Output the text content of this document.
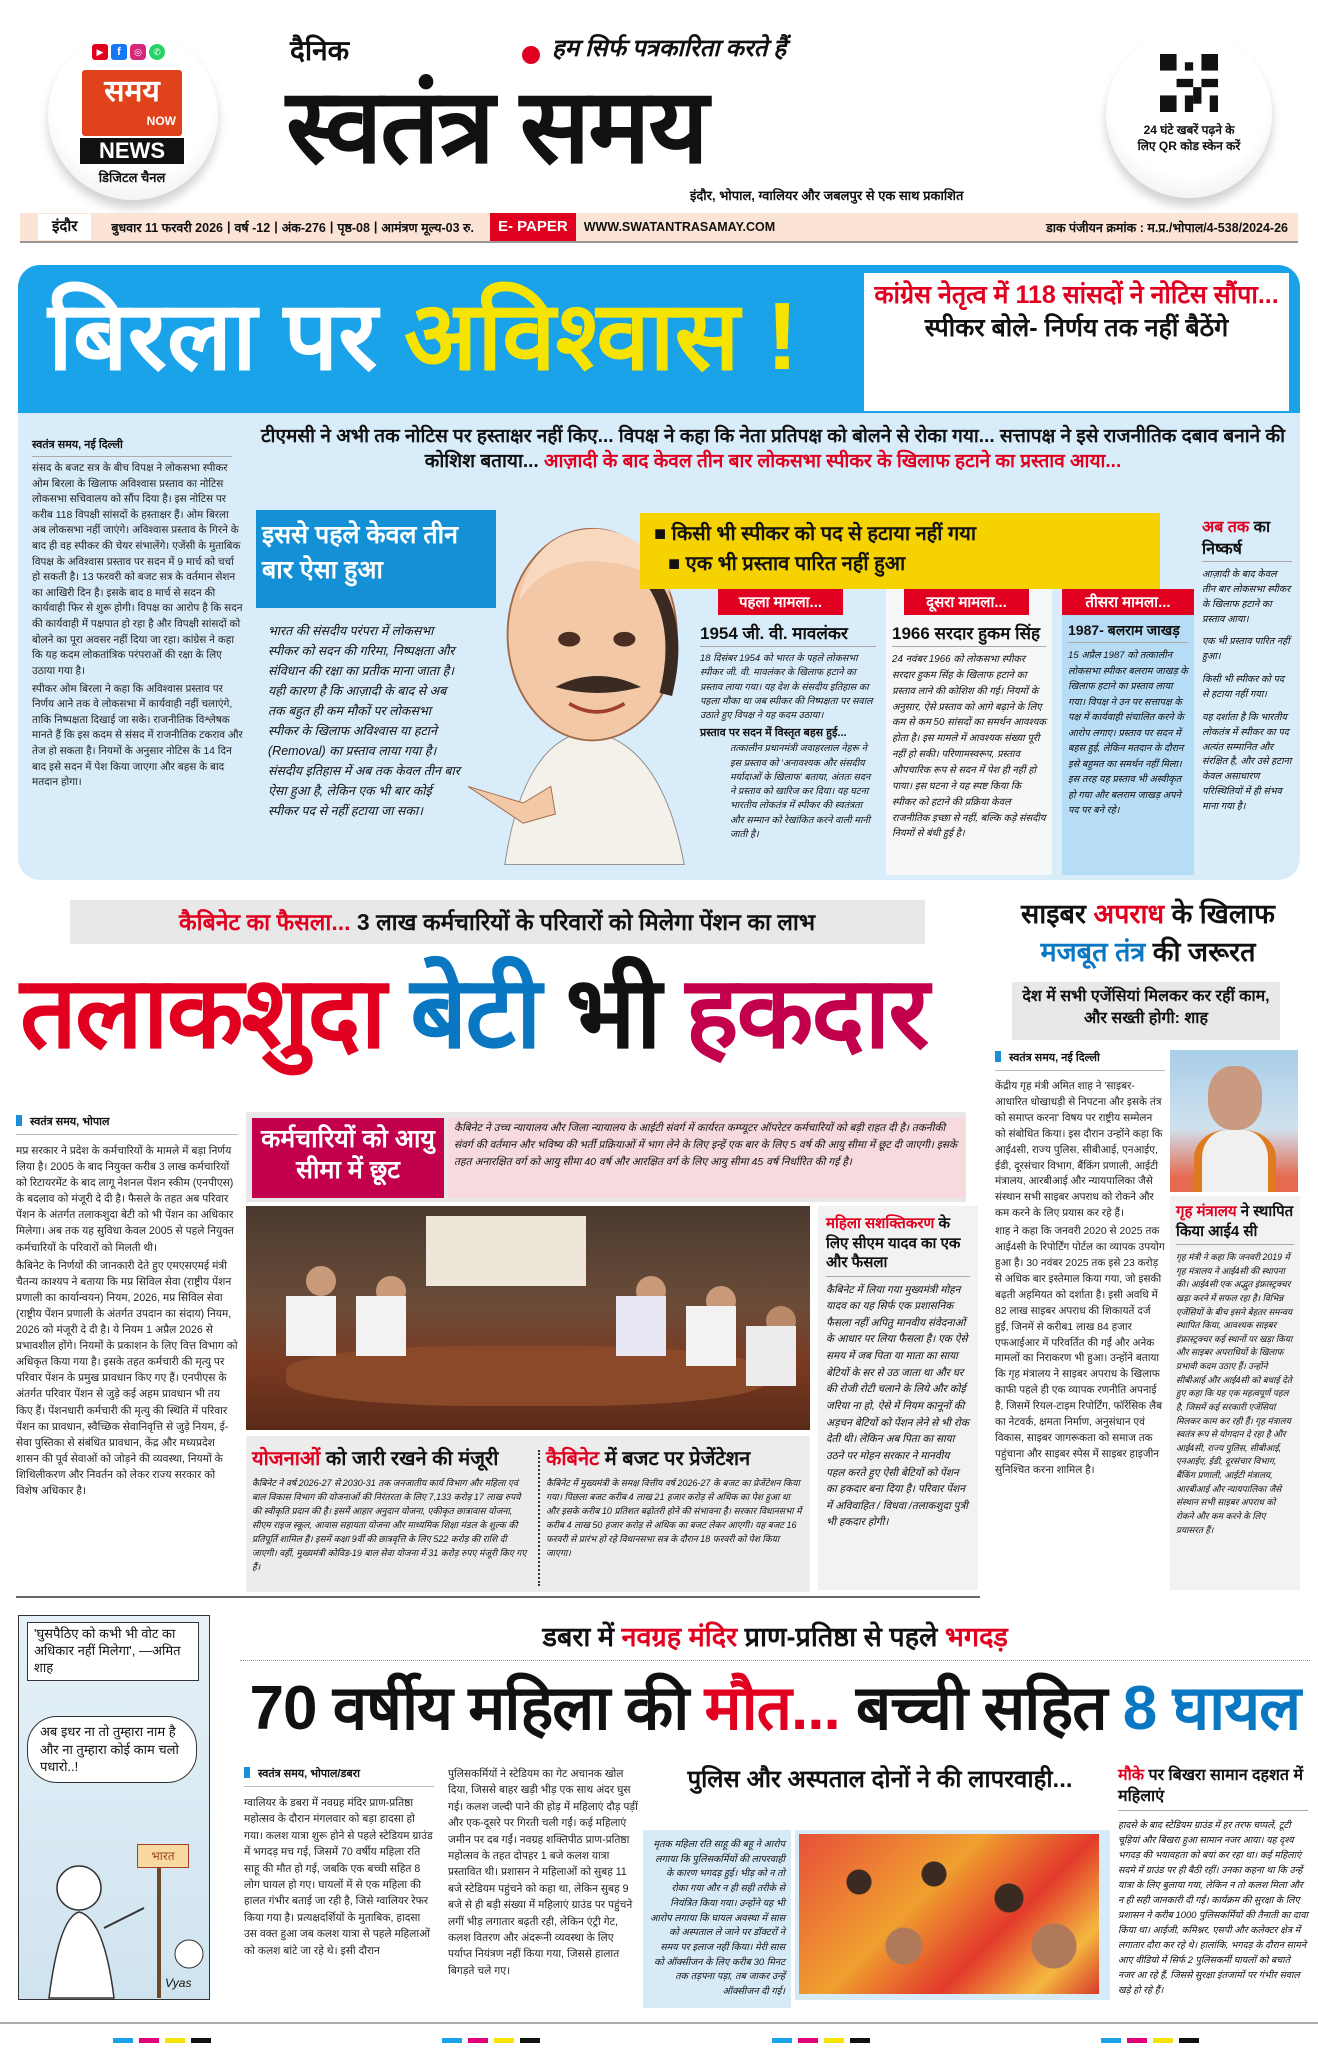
▶	f	◎	✆
समय
NOW
NEWS
डिजिटल चैनल
दैनिक	हम सिर्फ पत्रकारिता करते हैं
स्वतंत्र समय
इंदौर, भोपाल, ग्वालियर और जबलपुर से एक साथ प्रकाशित
24 घंटे खबरें पढ़ने के लिए QR कोड स्केन करें
इंदौर	बुधवार 11 फरवरी 2026 | वर्ष -12 | अंक-276 | पृष्ठ-08 | आमंत्रण मूल्य-03 रु.	E- PAPER	WWW.SWATANTRASAMAY.COM	डाक पंजीयन क्रमांक : म.प्र./भोपाल/4-538/2024-26
बिरला पर अविश्वास !	कांग्रेस नेतृत्व में 118 सांसदों ने नोटिस सौंपा... स्पीकर बोले- निर्णय तक नहीं बैठेंगे
स्वतंत्र समय, नई दिल्ली

संसद के बजट सत्र के बीच विपक्ष ने लोकसभा स्पीकर ओम बिरला के खिलाफ अविश्वास प्रस्ताव का नोटिस लोकसभा सचिवालय को सौंप दिया है। इस नोटिस पर करीब 118 विपक्षी सांसदों के हस्ताक्षर हैं। ओम बिरला अब लोकसभा नहीं जाएंगे। अविश्वास प्रस्ताव के गिरने के बाद ही वह स्पीकर की चेयर संभालेंगे। एजेंसी के मुताबिक विपक्ष के अविश्वास प्रस्ताव पर सदन में 9 मार्च को चर्चा हो सकती है। 13 फरवरी को बजट सत्र के वर्तमान सेशन का आखिरी दिन है। इसके बाद 8 मार्च से सदन की कार्यवाही फिर से शुरू होगी। विपक्ष का आरोप है कि सदन की कार्यवाही में पक्षपात हो रहा है और विपक्षी सांसदों को बोलने का पूरा अवसर नहीं दिया जा रहा। कांग्रेस ने कहा कि यह कदम लोकतांत्रिक परंपराओं की रक्षा के लिए उठाया गया है।

स्पीकर ओम बिरला ने कहा कि अविश्वास प्रस्ताव पर निर्णय आने तक वे लोकसभा में कार्यवाही नहीं चलाएंगे, ताकि निष्पक्षता दिखाई जा सके। राजनीतिक विश्लेषक मानते हैं कि इस कदम से संसद में राजनीतिक टकराव और तेज हो सकता है। नियमों के अनुसार नोटिस के 14 दिन बाद इसे सदन में पेश किया जाएगा और बहस के बाद मतदान होगा।

टीएमसी ने अभी तक नोटिस पर हस्ताक्षर नहीं किए... विपक्ष ने कहा कि नेता प्रतिपक्ष को बोलने से रोका गया... सत्तापक्ष ने इसे राजनीतिक दबाव बनाने की कोशिश बताया... आज़ादी के बाद केवल तीन बार लोकसभा स्पीकर के खिलाफ हटाने का प्रस्ताव आया...
इससे पहले केवल तीन बार ऐसा हुआ
भारत की संसदीय परंपरा में लोकसभा स्पीकर को सदन की गरिमा, निष्पक्षता और संविधान की रक्षा का प्रतीक माना जाता है। यही कारण है कि आज़ादी के बाद से अब तक बहुत ही कम मौकों पर लोकसभा स्पीकर के खिलाफ अविश्वास या हटाने (Removal) का प्रस्ताव लाया गया है। संसदीय इतिहास में अब तक केवल तीन बार ऐसा हुआ है, लेकिन एक भी बार कोई स्पीकर पद से नहीं हटाया जा सका।
■ किसी भी स्पीकर को पद से हटाया नहीं गया
■ एक भी प्रस्ताव पारित नहीं हुआ
पहला मामला...
1954 जी. वी. मावलंकर
18 दिसंबर 1954 को भारत के पहले लोकसभा स्पीकर जी. वी. मावलंकर के खिलाफ हटाने का प्रस्ताव लाया गया। यह देश के संसदीय इतिहास का पहला मौका था जब स्पीकर की निष्पक्षता पर सवाल उठाते हुए विपक्ष ने यह कदम उठाया।
प्रस्ताव पर सदन में विस्तृत बहस हुई...
तत्कालीन प्रधानमंत्री जवाहरलाल नेहरू ने इस प्रस्ताव को 'अनावश्यक और संसदीय मर्यादाओं के खिलाफ' बताया, अंततः सदन ने प्रस्ताव को खारिज कर दिया। यह घटना भारतीय लोकतंत्र में स्पीकर की स्वतंत्रता और सम्मान को रेखांकित करने वाली मानी जाती है।
दूसरा मामला...
1966 सरदार हुकम सिंह
24 नवंबर 1966 को लोकसभा स्पीकर सरदार हुकम सिंह के खिलाफ हटाने का प्रस्ताव लाने की कोशिश की गई। नियमों के अनुसार, ऐसे प्रस्ताव को आगे बढ़ाने के लिए कम से कम 50 सांसदों का समर्थन आवश्यक होता है। इस मामले में आवश्यक संख्या पूरी नहीं हो सकी। परिणामस्वरूप, प्रस्ताव औपचारिक रूप से सदन में पेश ही नहीं हो पाया। इस घटना ने यह स्पष्ट किया कि स्पीकर को हटाने की प्रक्रिया केवल राजनीतिक इच्छा से नहीं, बल्कि कड़े संसदीय नियमों से बंधी हुई है।
तीसरा मामला...
1987- बलराम जाखड़
15 अप्रैल 1987 को तत्कालीन लोकसभा स्पीकर बलराम जाखड़ के खिलाफ हटाने का प्रस्ताव लाया गया। विपक्ष ने उन पर सत्तापक्ष के पक्ष में कार्यवाही संचालित करने के आरोप लगाए। प्रस्ताव पर सदन में बहस हुई, लेकिन मतदान के दौरान इसे बहुमत का समर्थन नहीं मिला। इस तरह यह प्रस्ताव भी अस्वीकृत हो गया और बलराम जाखड़ अपने पद पर बने रहे।
अब तक का निष्कर्ष
आज़ादी के बाद केवल तीन बार लोकसभा स्पीकर के खिलाफ हटाने का प्रस्ताव आया।
एक भी प्रस्ताव पारित नहीं हुआ।
किसी भी स्पीकर को पद से हटाया नहीं गया।
यह दर्शाता है कि भारतीय लोकतंत्र में स्पीकर का पद अत्यंत सम्मानित और संरक्षित है, और उसे हटाना केवल असाधारण परिस्थितियों में ही संभव माना गया है।
कैबिनेट का फैसला... 3 लाख कर्मचारियों के परिवारों को मिलेगा पेंशन का लाभ
तलाकशुदा बेटी भी हकदार
स्वतंत्र समय, भोपाल

मप्र सरकार ने प्रदेश के कर्मचारियों के मामले में बड़ा निर्णय लिया है। 2005 के बाद नियुक्त करीब 3 लाख कर्मचारियों को रिटायरमेंट के बाद लागू नेशनल पेंशन स्कीम (एनपीएस) के बदलाव को मंजूरी दे दी है। फैसले के तहत अब परिवार पेंशन के अंतर्गत तलाकशुदा बेटी को भी पेंशन का अधिकार मिलेगा। अब तक यह सुविधा केवल 2005 से पहले नियुक्त कर्मचारियों के परिवारों को मिलती थी।

कैबिनेट के निर्णयों की जानकारी देते हुए एमएसएमई मंत्री चैतन्य काश्यप ने बताया कि मप्र सिविल सेवा (राष्ट्रीय पेंशन प्रणाली का कार्यान्वयन) नियम, 2026, मप्र सिविल सेवा (राष्ट्रीय पेंशन प्रणाली के अंतर्गत उपदान का संदाय) नियम, 2026 को मंजूरी दे दी है। ये नियम 1 अप्रैल 2026 से प्रभावशील होंगे। नियमों के प्रकाशन के लिए वित्त विभाग को अधिकृत किया गया है। इसके तहत कर्मचारी की मृत्यु पर परिवार पेंशन के प्रमुख प्रावधान किए गए हैं। एनपीएस के अंतर्गत परिवार पेंशन से जुड़े कई अहम प्रावधान भी तय किए हैं। पेंशनधारी कर्मचारी की मृत्यु की स्थिति में परिवार पेंशन का प्रावधान, स्वैच्छिक सेवानिवृत्ति से जुड़े नियम, ई-सेवा पुस्तिका से संबंधित प्रावधान, केंद्र और मध्यप्रदेश शासन की पूर्व सेवाओं को जोड़ने की व्यवस्था, नियमों के शिथिलीकरण और निवर्तन को लेकर राज्य सरकार को विशेष अधिकार है।

कर्मचारियों को आयु सीमा में छूट
कैबिनेट ने उच्च न्यायालय और जिला न्यायालय के आईटी संवर्ग में कार्यरत कम्प्यूटर ऑपरेटर कर्मचारियों को बड़ी राहत दी है। तकनीकी संवर्ग की वर्तमान और भविष्य की भर्ती प्रक्रियाओं में भाग लेने के लिए इन्हें एक बार के लिए 5 वर्ष की आयु सीमा में छूट दी जाएगी। इसके तहत अनारक्षित वर्ग को आयु सीमा 40 वर्ष और आरक्षित वर्ग के लिए आयु सीमा 45 वर्ष निर्धारित की गई है।
महिला सशक्तिकरण के लिए सीएम यादव का एक और फैसला
कैबिनेट में लिया गया मुख्यमंत्री मोहन यादव का यह सिर्फ एक प्रशासनिक फैसला नहीं अपितु मानवीय संवेदनाओं के आधार पर लिया फैसला है। एक ऐसे समय में जब पिता या माता का साया बेटियों के सर से उठ जाता था और घर की रोजी रोटी चलाने के लिये और कोई जरिया ना हो, ऐसे में नियम कानूनों की अड़चन बेटियों को पेंशन लेने से भी रोक देती थी। लेकिन अब पिता का साया उठने पर मोहन सरकार ने मानवीय पहल करते हुए ऐसी बेटियों को पेंशन का हकदार बना दिया है। परिवार पेंशन में अविवाहित / विधवा /तलाकशुदा पुत्री भी हकदार होगी।
योजनाओं को जारी रखने की मंजूरी
कैबिनेट ने वर्ष 2026-27 से 2030-31 तक जनजातीय कार्य विभाग और महिला एवं बाल विकास विभाग की योजनाओं की निरंतरता के लिए 7,133 करोड़ 17 लाख रुपये की स्वीकृति प्रदान की है। इसमें आहार अनुदान योजना, एकीकृत छात्रावास योजना, सीएम राइज स्कूल, आवास सहायता योजना और माध्यमिक शिक्षा मंडल के शुल्क की प्रतिपूर्ति शामिल है। इसमें कक्षा 9वीं की छात्रवृत्ति के लिए 522 करोड़ की राशि दी जाएगी। वहीं, मुख्यमंत्री कोविड-19 बाल सेवा योजना में 31 करोड़ रुपए मंजूरी किए गए हैं।
कैबिनेट में बजट पर प्रेजेंटेशन
कैबिनेट में मुख्यमंत्री के समक्ष वित्तीय वर्ष 2026-27 के बजट का प्रेजेंटेशन किया गया। पिछला बजट करीब 4 लाख 21 हजार करोड़ से अधिक का पेश हुआ था और इसके करीब 10 प्रतिशत बढ़ोतरी होने की संभावना है। सरकार विधानसभा में करीब 4 लाख 50 हजार करोड़ से अधिक का बजट लेकर आएगी। यह बजट 16 फरवरी से प्रारंभ हो रहे विधानसभा सत्र के दौरान 18 फरवरी को पेश किया जाएगा।
साइबर अपराध के खिलाफ
मजबूत तंत्र की जरूरत
देश में सभी एजेंसियां मिलकर कर रहीं काम, और सख्ती होगी: शाह
स्वतंत्र समय, नई दिल्ली

केंद्रीय गृह मंत्री अमित शाह ने 'साइबर-आधारित धोखाधड़ी से निपटना और इसके तंत्र को समाप्त करना' विषय पर राष्ट्रीय सम्मेलन को संबोधित किया। इस दौरान उन्होंने कहा कि आई4सी, राज्य पुलिस, सीबीआई, एनआईए, ईडी, दूरसंचार विभाग, बैंकिंग प्रणाली, आईटी मंत्रालय, आरबीआई और न्यायपालिका जैसे संस्थान सभी साइबर अपराध को रोकने और कम करने के लिए प्रयास कर रहे हैं।

शाह ने कहा कि जनवरी 2020 से 2025 तक आई4सी के रिपोर्टिंग पोर्टल का व्यापक उपयोग हुआ है। 30 नवंबर 2025 तक इसे 23 करोड़ से अधिक बार इस्तेमाल किया गया, जो इसकी बढ़ती अहमियत को दर्शाता है। इसी अवधि में 82 लाख साइबर अपराध की शिकायतें दर्ज हुईं, जिनमें से करीब1 लाख 84 हजार एफआईआर में परिवर्तित की गईं और अनेक मामलों का निराकरण भी हुआ। उन्होंने बताया कि गृह मंत्रालय ने साइबर अपराध के खिलाफ काफी पहले ही एक व्यापक रणनीति अपनाई है, जिसमें रियल-टाइम रिपोर्टिंग, फॉरेंसिक लैब का नेटवर्क, क्षमता निर्माण, अनुसंधान एवं विकास, साइबर जागरूकता को समाज तक पहुंचाना और साइबर स्पेस में साइबर हाइजीन सुनिश्चित करना शामिल है।

गृह मंत्रालय ने स्थापित किया आई4 सी
गृह मंत्री ने कहा कि जनवरी 2019 में गृह मंत्रालय ने आई4सी की स्थापना की। आई4सी एक अद्भुत इंफ्रास्ट्रक्चर खड़ा करने में सफल रहा है। विभिन्न एजेंसियों के बीच इसने बेहतर समन्वय स्थापित किया, आवश्यक साइबर इंफ्रास्ट्रक्चर कई स्थानों पर खड़ा किया और साइबर अपराधियों के खिलाफ प्रभावी कदम उठाए हैं। उन्होंने सीबीआई और आई4सी को बधाई देते हुए कहा कि यह एक महत्वपूर्ण पहल है, जिसमें कई सरकारी एजेंसियां मिलकर काम कर रही हैं। गृह मंत्रालय स्वतंत्र रूप से योगदान दे रहा है और आई4सी, राज्य पुलिस, सीबीआई, एनआईए, ईडी, दूरसंचार विभाग, बैंकिंग प्रणाली, आईटी मंत्रालय, आरबीआई और न्यायपालिका जैसे संस्थान सभी साइबर अपराध को रोकने और कम करने के लिए प्रयासरत हैं।
'घुसपैठिए को कभी भी वोट का अधिकार नहीं मिलेगा', —अमित शाह
अब इधर ना तो तुम्हारा नाम है और ना तुम्हारा कोई काम चलो पधारो..!
भारत
Vyas
डबरा में नवग्रह मंदिर प्राण-प्रतिष्ठा से पहले भगदड़
70 वर्षीय महिला की मौत... बच्ची सहित 8 घायल
स्वतंत्र समय, भोपाल/डबरा
ग्वालियर के डबरा में नवग्रह मंदिर प्राण-प्रतिष्ठा महोत्सव के दौरान मंगलवार को बड़ा हादसा हो गया। कलश यात्रा शुरू होने से पहले स्टेडियम ग्राउंड में भगदड़ मच गई, जिसमें 70 वर्षीय महिला रति साहू की मौत हो गई, जबकि एक बच्ची सहित 8 लोग घायल हो गए। घायलों में से एक महिला की हालत गंभीर बताई जा रही है, जिसे ग्वालियर रेफर किया गया है। प्रत्यक्षदर्शियों के मुताबिक, हादसा उस वक्त हुआ जब कलश यात्रा से पहले महिलाओं को कलश बांटे जा रहे थे। इसी दौरान
पुलिसकर्मियों ने स्टेडियम का गेट अचानक खोल दिया, जिससे बाहर खड़ी भीड़ एक साथ अंदर घुस गई। कलश जल्दी पाने की होड़ में महिलाएं दौड़ पड़ीं और एक-दूसरे पर गिरती चली गईं। कई महिलाएं जमीन पर दब गईं। नवग्रह शक्तिपीठ प्राण-प्रतिष्ठा महोत्सव के तहत दोपहर 1 बजे कलश यात्रा प्रस्तावित थी। प्रशासन ने महिलाओं को सुबह 11 बजे स्टेडियम पहुंचने को कहा था, लेकिन सुबह 9 बजे से ही बड़ी संख्या में महिलाएं ग्राउंड पर पहुंचने लगीं भीड़ लगातार बढ़ती रही, लेकिन एंट्री गेट, कलश वितरण और अंदरूनी व्यवस्था के लिए पर्याप्त नियंत्रण नहीं किया गया, जिससे हालात बिगड़ते चले गए।
पुलिस और अस्पताल दोनों ने की लापरवाही...
मृतक महिला रति साहू की बहू ने आरोप लगाया कि पुलिसकर्मियों की लापरवाही के कारण भगदड़ हुई। भीड़ को न तो रोका गया और न ही सही तरीके से नियंत्रित किया गया। उन्होंने यह भी आरोप लगाया कि घायल अवस्था में सास को अस्पताल ले जाने पर डॉक्टरों ने समय पर इलाज नहीं किया। मेरी सास को ऑक्सीजन के लिए करीब 30 मिनट तक तड़पना पड़ा, तब जाकर उन्हें ऑक्सीजन दी गई।
मौके पर बिखरा सामान दहशत में महिलाएं
हादसे के बाद स्टेडियम ग्राउंड में हर तरफ चप्पलें, टूटी चूड़ियां और बिखरा हुआ सामान नजर आया। यह दृश्य भगदड़ की भयावहता को बयां कर रहा था। कई महिलाएं सदमे में ग्राउंड पर ही बैठी रहीं। उनका कहना था कि उन्हें यात्रा के लिए बुलाया गया, लेकिन न तो कलश मिला और न ही सही जानकारी दी गई। कार्यक्रम की सुरक्षा के लिए प्रशासन ने करीब 1000 पुलिसकर्मियों की तैनाती का दावा किया था। आईजी, कमिश्नर, एसपी और कलेक्टर क्षेत्र में लगातार दौरा कर रहे थे। हालांकि, भगदड़ के दौरान सामने आए वीडियो में सिर्फ 2 पुलिसकर्मी घायलों को बचाते नजर आ रहे हैं, जिससे सुरक्षा इंतजामों पर गंभीर सवाल खड़े हो रहे हैं।
